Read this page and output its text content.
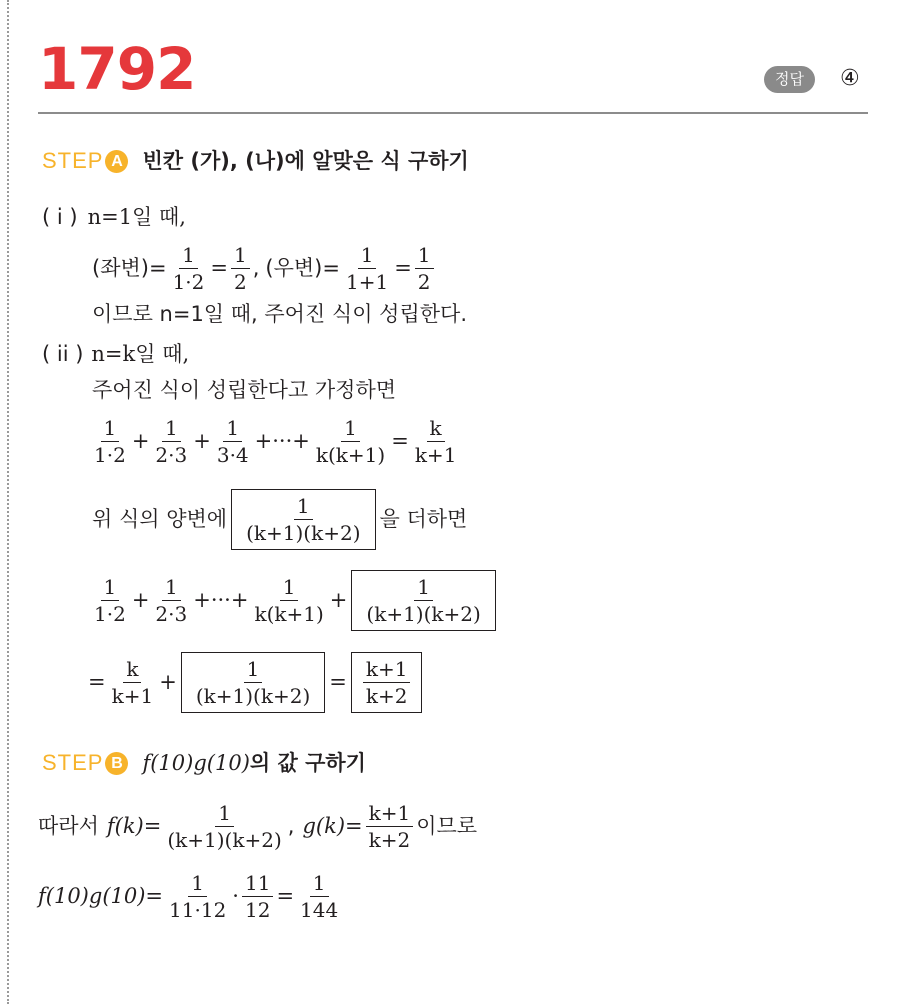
1792	정답	④
STEP A 빈칸 (가), (나)에 알맞은 식 구하기
( i ) n=1일 때,
(좌변)= $\frac{1}{1\cdot 2} = \frac{1}{2}$ , (우변)= $\frac{1}{1+1} = \frac{1}{2}$
이므로 n=1일 때, 주어진 식이 성립한다.
( ii ) n=k일 때,
주어진 식이 성립한다고 가정하면
$\frac{1}{1\cdot 2} + \frac{1}{2\cdot 3} + \frac{1}{3\cdot 4}$ +···+ $\frac{1}{k(k+1)} = \frac{k}{k+1}$
위 식의 양변에 $\frac{1}{(k+1)(k+2)}$ 을 더하면
$\frac{1}{1\cdot 2} + \frac{1}{2\cdot 3}$ +···+ $\frac{1}{k(k+1)} + \frac{1}{(k+1)(k+2)}$
= $\frac{k}{k+1} + \frac{1}{(k+1)(k+2)} = \frac{k+1}{k+2}$
STEP B f(10)g(10) 의 값 구하기
따라서 $f(k)= \frac{1}{(k+1)(k+2)}$ , $g(k)= \frac{k+1}{k+2}$ 이므로
$f(10)g(10)= \frac{1}{11\cdot 12} \cdot \frac{11}{12} = \frac{1}{144}$
